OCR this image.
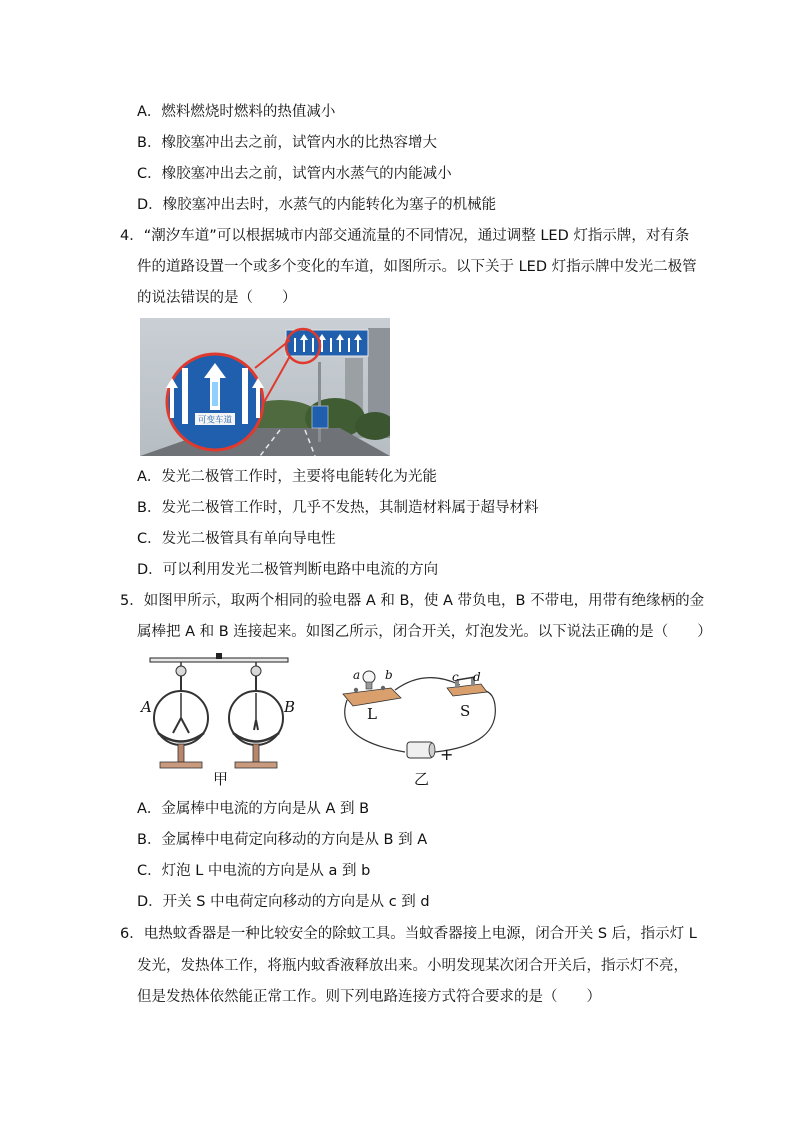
A．燃料燃烧时燃料的热值减小
B．橡胶塞冲出去之前，试管内水的比热容增大
C．橡胶塞冲出去之前，试管内水蒸气的内能减小
D．橡胶塞冲出去时，水蒸气的内能转化为塞子的机械能
4．“潮汐车道”可以根据城市内部交通流量的不同情况，通过调整 LED 灯指示牌，对有条
件的道路设置一个或多个变化的车道，如图所示。以下关于 LED 灯指示牌中发光二极管
的说法错误的是（　　）
可变车道
A．发光二极管工作时，主要将电能转化为光能
B．发光二极管工作时，几乎不发热，其制造材料属于超导材料
C．发光二极管具有单向导电性
D．可以利用发光二极管判断电路中电流的方向
5．如图甲所示，取两个相同的验电器 A 和 B，使 A 带负电，B 不带电，用带有绝缘柄的金
属棒把 A 和 B 连接起来。如图乙所示，闭合开关，灯泡发光。以下说法正确的是（　　）
A	B
甲
a b	c d
L	S
+
乙
A．金属棒中电流的方向是从 A 到 B
B．金属棒中电荷定向移动的方向是从 B 到 A
C．灯泡 L 中电流的方向是从 a 到 b
D．开关 S 中电荷定向移动的方向是从 c 到 d
6．电热蚊香器是一种比较安全的除蚊工具。当蚊香器接上电源，闭合开关 S 后，指示灯 L
发光，发热体工作，将瓶内蚊香液释放出来。小明发现某次闭合开关后，指示灯不亮，
但是发热体依然能正常工作。则下列电路连接方式符合要求的是（　　）
